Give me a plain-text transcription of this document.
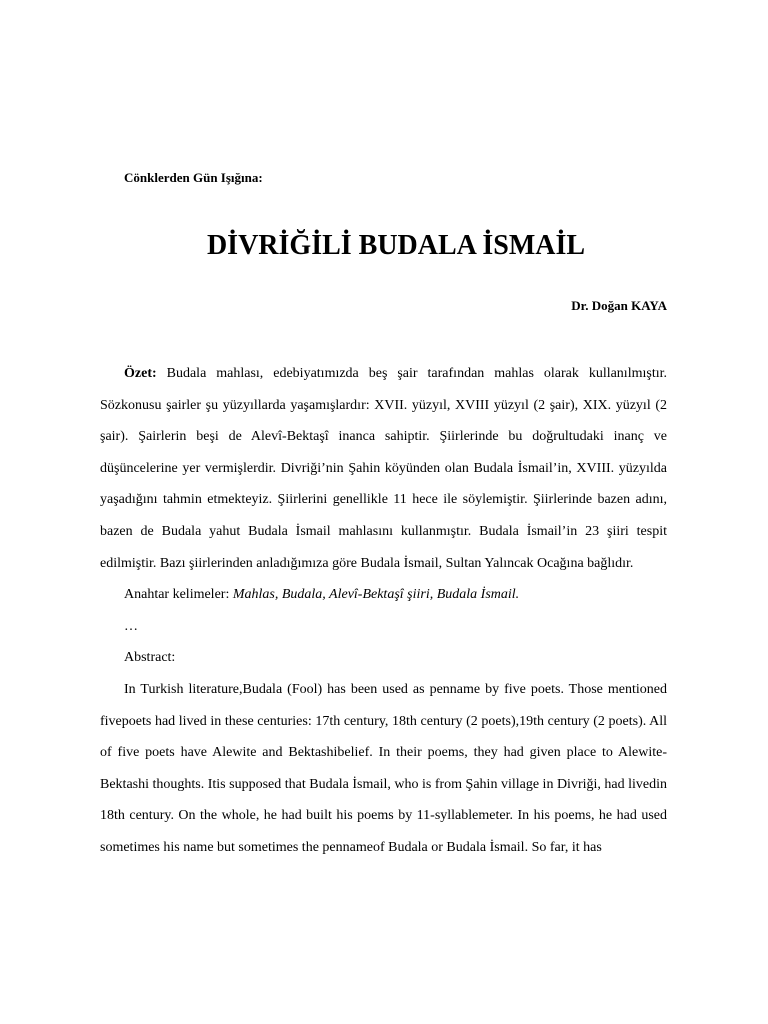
Cönklerden Gün Işığına:
DİVRİĞİLİ BUDALA İSMAİL
Dr. Doğan KAYA

Özet: Budala mahlası, edebiyatımızda beş şair tarafından mahlas olarak kullanılmıştır. Sözkonusu şairler şu yüzyıllarda yaşamışlardır: XVII. yüzyıl, XVIII yüzyıl (2 şair), XIX. yüzyıl (2 şair). Şairlerin beşi de Alevî-Bektaşî inanca sahiptir. Şiirlerinde bu doğrultudaki inanç ve düşüncelerine yer vermişlerdir. Divriği’nin Şahin köyünden olan Budala İsmail’in, XVIII. yüzyılda yaşadığını tahmin etmekteyiz. Şiirlerini genellikle 11 hece ile söylemiştir. Şiirlerinde bazen adını, bazen de Budala yahut Budala İsmail mahlasını kullanmıştır. Budala İsmail’in 23 şiiri tespit edilmiştir. Bazı şiirlerinden anladığımıza göre Budala İsmail, Sultan Yalıncak Ocağına bağlıdır.

Anahtar kelimeler: Mahlas, Budala, Alevî-Bektaşî şiiri, Budala İsmail.

…

Abstract:

In Turkish literature,Budala (Fool) has been used as penname by five poets. Those mentioned fivepoets had lived in these centuries: 17th century, 18th century (2 poets),19th century (2 poets). All of five poets have Alewite and Bektashibelief. In their poems, they had given place to Alewite-Bektashi thoughts. Itis supposed that Budala İsmail, who is from Şahin village in Divriği, had livedin 18th century. On the whole, he had built his poems by 11-syllablemeter. In his poems, he had used sometimes his name but sometimes the pennameof Budala or Budala İsmail. So far, it has
